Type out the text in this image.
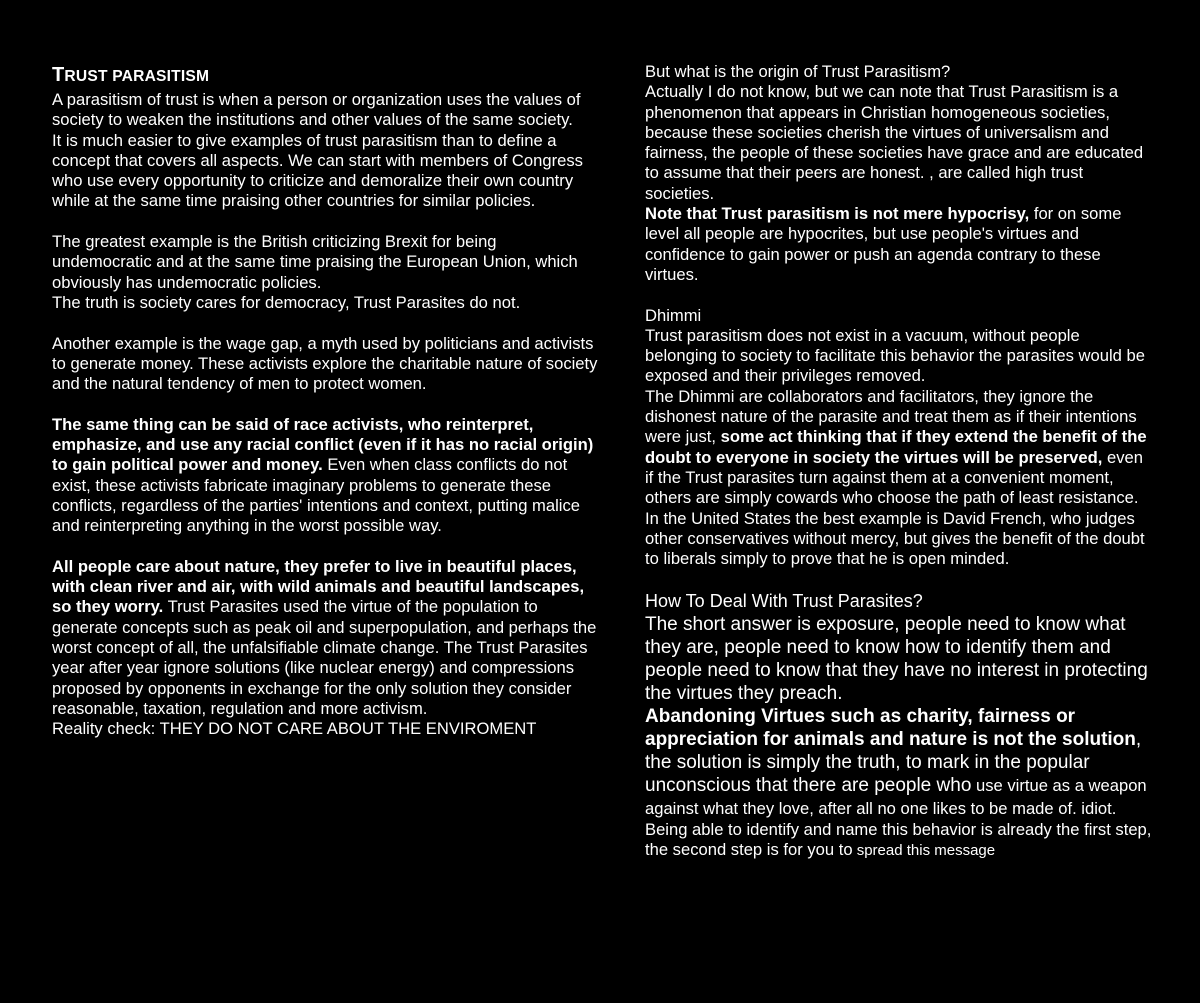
TRUST PARASITISM

A parasitism of trust is when a person or organization uses the values of society to weaken the institutions and other values of the same society.

It is much easier to give examples of trust parasitism than to define a concept that covers all aspects. We can start with members of Congress who use every opportunity to criticize and demoralize their own country while at the same time praising other countries for similar policies.

The greatest example is the British criticizing Brexit for being undemocratic and at the same time praising the European Union, which obviously has undemocratic policies.

The truth is society cares for democracy, Trust Parasites do not.

Another example is the wage gap, a myth used by politicians and activists to generate money. These activists explore the charitable nature of society and the natural tendency of men to protect women.

The same thing can be said of race activists, who reinterpret, emphasize, and use any racial conflict (even if it has no racial origin) to gain political power and money. Even when class conflicts do not exist, these activists fabricate imaginary problems to generate these conflicts, regardless of the parties' intentions and context, putting malice and reinterpreting anything in the worst possible way.

All people care about nature, they prefer to live in beautiful places, with clean river and air, with wild animals and beautiful landscapes, so they worry. Trust Parasites used the virtue of the population to generate concepts such as peak oil and superpopulation, and perhaps the worst concept of all, the unfalsifiable climate change. The Trust Parasites year after year ignore solutions (like nuclear energy) and compressions proposed by opponents in exchange for the only solution they consider reasonable, taxation, regulation and more activism.

Reality check: THEY DO NOT CARE ABOUT THE ENVIROMENT

But what is the origin of Trust Parasitism?

Actually I do not know, but we can note that Trust Parasitism is a phenomenon that appears in Christian homogeneous societies, because these societies cherish the virtues of universalism and fairness, the people of these societies have grace and are educated to assume that their peers are honest. , are called high trust societies.

Note that Trust parasitism is not mere hypocrisy, for on some level all people are hypocrites, but use people's virtues and confidence to gain power or push an agenda contrary to these virtues.

Dhimmi

Trust parasitism does not exist in a vacuum, without people belonging to society to facilitate this behavior the parasites would be exposed and their privileges removed.

The Dhimmi are collaborators and facilitators, they ignore the dishonest nature of the parasite and treat them as if their intentions were just, some act thinking that if they extend the benefit of the doubt to everyone in society the virtues will be preserved, even if the Trust parasites turn against them at a convenient moment, others are simply cowards who choose the path of least resistance.

In the United States the best example is David French, who judges other conservatives without mercy, but gives the benefit of the doubt to liberals simply to prove that he is open minded.

How To Deal With Trust Parasites?

The short answer is exposure, people need to know what they are, people need to know how to identify them and people need to know that they have no interest in protecting the virtues they preach.

Abandoning Virtues such as charity, fairness or appreciation for animals and nature is not the solution, the solution is simply the truth, to mark in the popular unconscious that there are people who use virtue as a weapon against what they love, after all no one likes to be made of. idiot.

Being able to identify and name this behavior is already the first step, the second step is for you to spread this message
